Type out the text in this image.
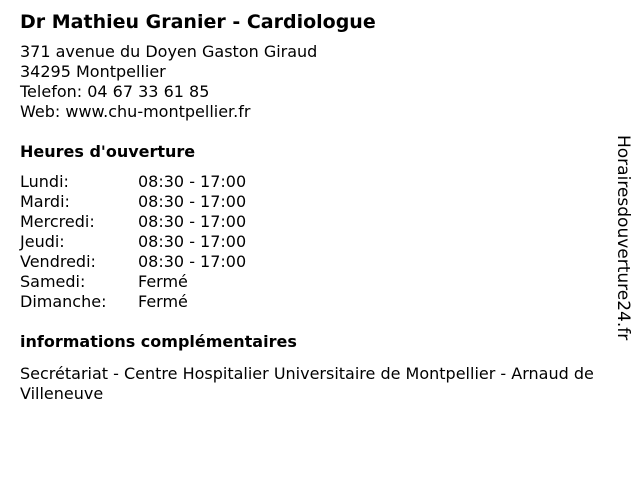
Dr Mathieu Granier - Cardiologue
371 avenue du Doyen Gaston Giraud
34295 Montpellier
Telefon: 04 67 33 61 85
Web: www.chu-montpellier.fr
Heures d'ouverture
Lundi:	08:30 - 17:00
Mardi:	08:30 - 17:00
Mercredi:	08:30 - 17:00
Jeudi:	08:30 - 17:00
Vendredi:	08:30 - 17:00
Samedi:	Fermé
Dimanche:	Fermé
informations complémentaires
Secrétariat - Centre Hospitalier Universitaire de Montpellier - Arnaud de Villeneuve
Horairesdouverture24.fr
